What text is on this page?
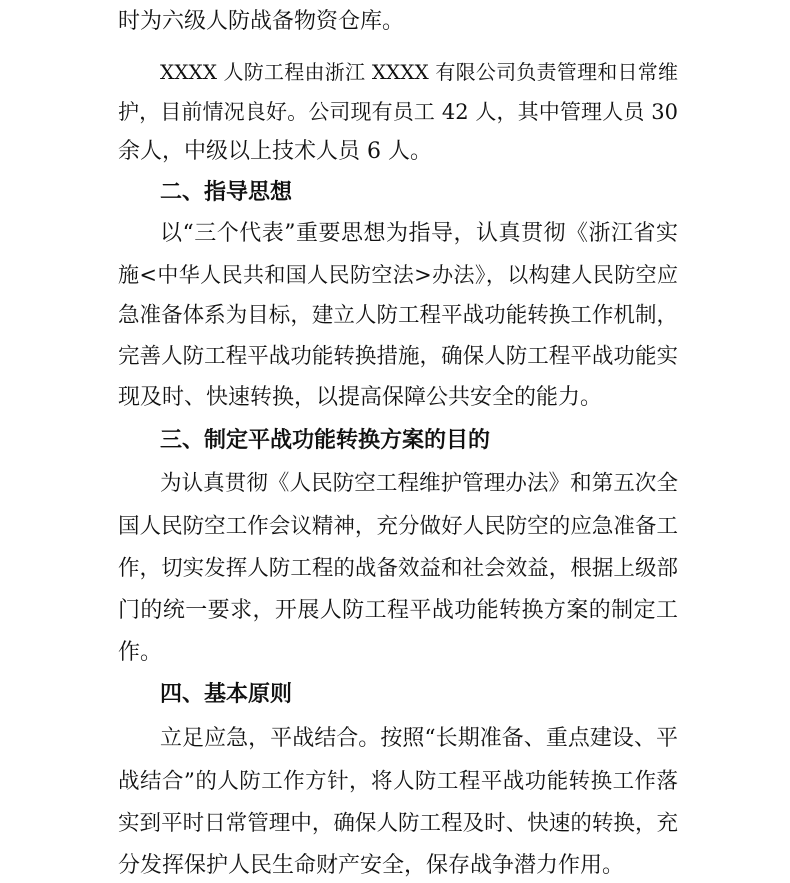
时为六级人防战备物资仓库。
XXXX 人防工程由浙江 XXXX 有限公司负责管理和日常维
护，目前情况良好。公司现有员工 42 人，其中管理人员 30
余人，中级以上技术人员 6 人。
二、指导思想
以“三个代表”重要思想为指导，认真贯彻《浙江省实
施<中华人民共和国人民防空法>办法》，以构建人民防空应
急准备体系为目标，建立人防工程平战功能转换工作机制，
完善人防工程平战功能转换措施，确保人防工程平战功能实
现及时、快速转换，以提高保障公共安全的能力。
三、制定平战功能转换方案的目的
为认真贯彻《人民防空工程维护管理办法》和第五次全
国人民防空工作会议精神，充分做好人民防空的应急准备工
作，切实发挥人防工程的战备效益和社会效益，根据上级部
门的统一要求，开展人防工程平战功能转换方案的制定工
作。
四、基本原则
立足应急，平战结合。按照“长期准备、重点建设、平
战结合”的人防工作方针，将人防工程平战功能转换工作落
实到平时日常管理中，确保人防工程及时、快速的转换，充
分发挥保护人民生命财产安全，保存战争潜力作用。
